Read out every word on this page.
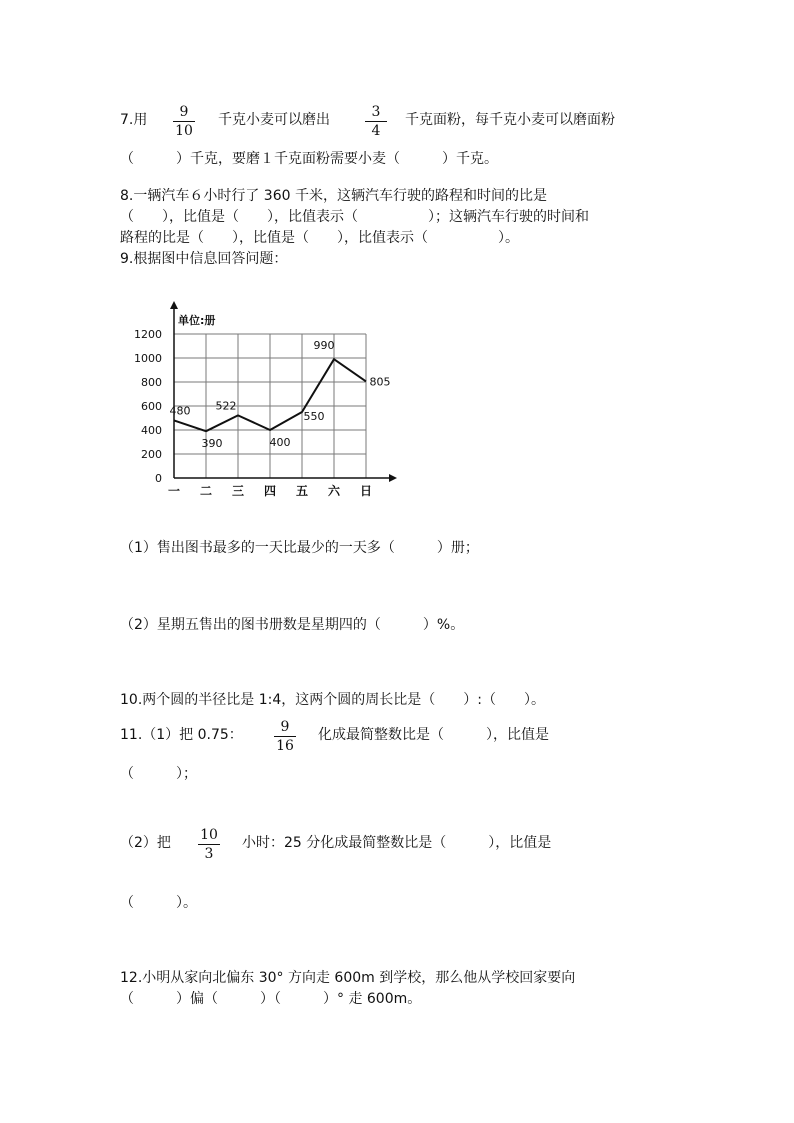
7.用	9
10
千克小麦可以磨出	3
4
千克面粉，每千克小麦可以磨面粉
（　　　）千克，要磨１千克面粉需要小麦（　　　）千克。
8.一辆汽车６小时行了 360 千米，这辆汽车行驶的路程和时间的比是
（　　），比值是（　　），比值表示（　　　　　）；这辆汽车行驶的时间和
路程的比是（　　），比值是（　　），比值表示（　　　　　）。
9.根据图中信息回答问题：
单位:册
0
200
400
600
800
1000
1200
一 二 三 四 五 六 日
480
390
522
400
550
990
805
（1）售出图书最多的一天比最少的一天多（　　　）册；
（2）星期五售出的图书册数是星期四的（　　　）%。
10.两个圆的半径比是 1:4，这两个圆的周长比是（　　）:（　　）。
11.（1）把 0.75：	9
16
化成最简整数比是（　　　），比值是
（　　　）；
（2）把 10
3
小时：25 分化成最简整数比是（　　　），比值是
（　　　）。
12.小明从家向北偏东 30° 方向走 600m 到学校，那么他从学校回家要向
（　　　）偏（　　　）（　　　）° 走 600m。
